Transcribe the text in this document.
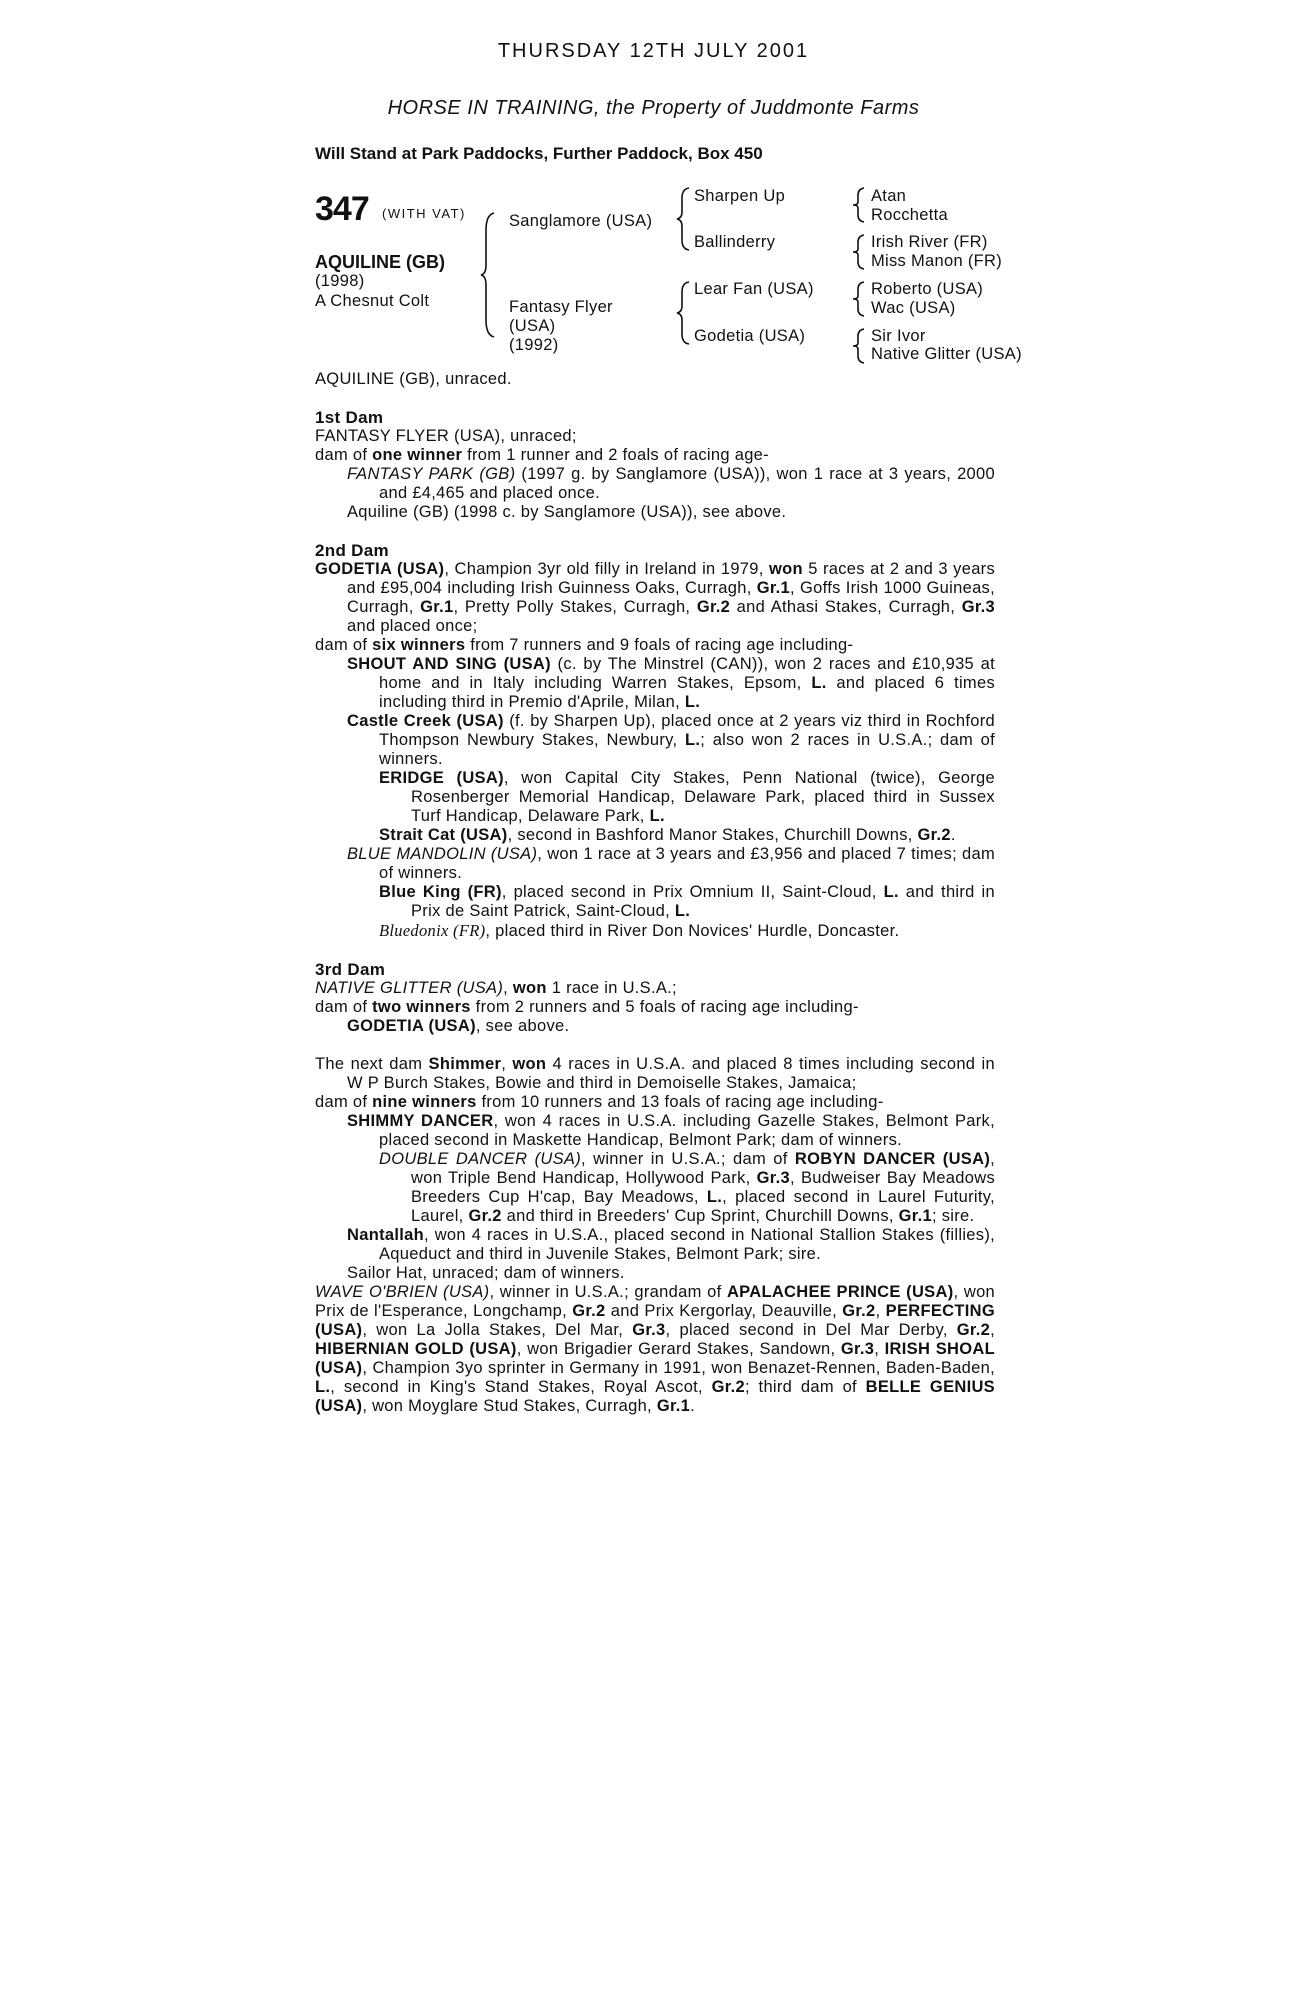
THURSDAY 12TH JULY 2001
HORSE IN TRAINING, the Property of Juddmonte Farms
Will Stand at Park Paddocks, Further Paddock, Box 450
347 (WITH VAT)
AQUILINE (GB)
(1998)
A Chesnut Colt
Sanglamore (USA)
Fantasy Flyer
(USA)
(1992)
Sharpen Up
Ballinderry
Lear Fan (USA)
Godetia (USA)
Atan
Rocchetta
Irish River (FR)
Miss Manon (FR)
Roberto (USA)
Wac (USA)
Sir Ivor
Native Glitter (USA)

AQUILINE (GB), unraced.

1st Dam

FANTASY FLYER (USA), unraced;

dam of one winner from 1 runner and 2 foals of racing age-

FANTASY PARK (GB) (1997 g. by Sanglamore (USA)), won 1 race at 3 years, 2000 and £4,465 and placed once.

Aquiline (GB) (1998 c. by Sanglamore (USA)), see above.

2nd Dam

GODETIA (USA), Champion 3yr old filly in Ireland in 1979, won 5 races at 2 and 3 years and £95,004 including Irish Guinness Oaks, Curragh, Gr.1, Goffs Irish 1000 Guineas, Curragh, Gr.1, Pretty Polly Stakes, Curragh, Gr.2 and Athasi Stakes, Curragh, Gr.3 and placed once;

dam of six winners from 7 runners and 9 foals of racing age including-

SHOUT AND SING (USA) (c. by The Minstrel (CAN)), won 2 races and £10,935 at home and in Italy including Warren Stakes, Epsom, L. and placed 6 times including third in Premio d'Aprile, Milan, L.

Castle Creek (USA) (f. by Sharpen Up), placed once at 2 years viz third in Rochford Thompson Newbury Stakes, Newbury, L.; also won 2 races in U.S.A.; dam of winners.

ERIDGE (USA), won Capital City Stakes, Penn National (twice), George Rosenberger Memorial Handicap, Delaware Park, placed third in Sussex Turf Handicap, Delaware Park, L.

Strait Cat (USA), second in Bashford Manor Stakes, Churchill Downs, Gr.2.

BLUE MANDOLIN (USA), won 1 race at 3 years and £3,956 and placed 7 times; dam of winners.

Blue King (FR), placed second in Prix Omnium II, Saint-Cloud, L. and third in Prix de Saint Patrick, Saint-Cloud, L.

Bluedonix (FR), placed third in River Don Novices' Hurdle, Doncaster.

3rd Dam

NATIVE GLITTER (USA), won 1 race in U.S.A.;

dam of two winners from 2 runners and 5 foals of racing age including-

GODETIA (USA), see above.

The next dam Shimmer, won 4 races in U.S.A. and placed 8 times including second in W P Burch Stakes, Bowie and third in Demoiselle Stakes, Jamaica;

dam of nine winners from 10 runners and 13 foals of racing age including-

SHIMMY DANCER, won 4 races in U.S.A. including Gazelle Stakes, Belmont Park, placed second in Maskette Handicap, Belmont Park; dam of winners.

DOUBLE DANCER (USA), winner in U.S.A.; dam of ROBYN DANCER (USA), won Triple Bend Handicap, Hollywood Park, Gr.3, Budweiser Bay Meadows Breeders Cup H'cap, Bay Meadows, L., placed second in Laurel Futurity, Laurel, Gr.2 and third in Breeders' Cup Sprint, Churchill Downs, Gr.1; sire.

Nantallah, won 4 races in U.S.A., placed second in National Stallion Stakes (fillies), Aqueduct and third in Juvenile Stakes, Belmont Park; sire.

Sailor Hat, unraced; dam of winners.

WAVE O'BRIEN (USA), winner in U.S.A.; grandam of APALACHEE PRINCE (USA), won Prix de l'Esperance, Longchamp, Gr.2 and Prix Kergorlay, Deauville, Gr.2, PERFECTING (USA), won La Jolla Stakes, Del Mar, Gr.3, placed second in Del Mar Derby, Gr.2, HIBERNIAN GOLD (USA), won Brigadier Gerard Stakes, Sandown, Gr.3, IRISH SHOAL (USA), Champion 3yo sprinter in Germany in 1991, won Benazet-Rennen, Baden-Baden, L., second in King's Stand Stakes, Royal Ascot, Gr.2; third dam of BELLE GENIUS (USA), won Moyglare Stud Stakes, Curragh, Gr.1.
